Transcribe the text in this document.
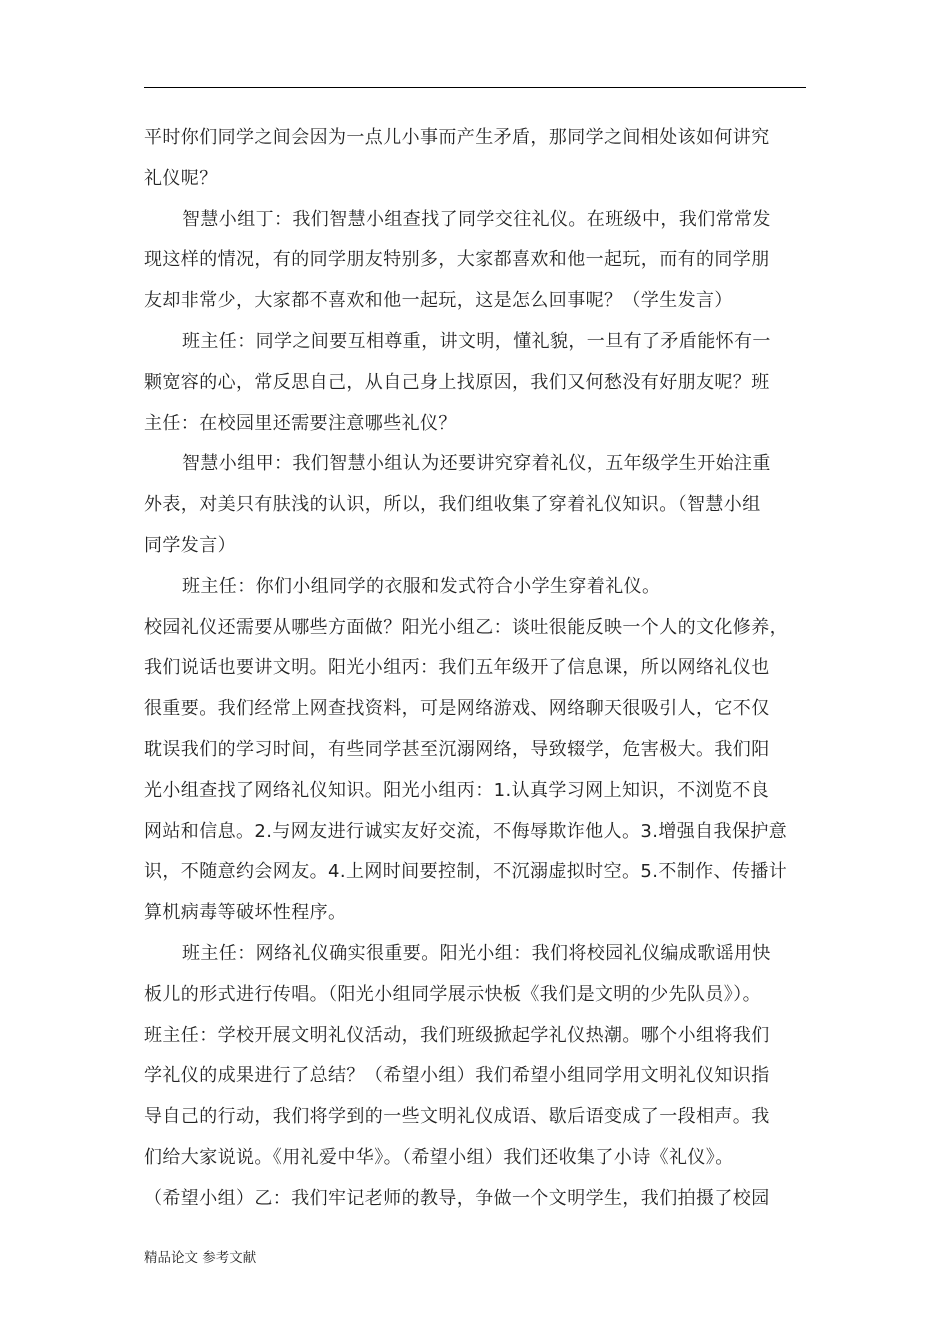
平时你们同学之间会因为一点儿小事而产生矛盾，那同学之间相处该如何讲究
礼仪呢？
智慧小组丁：我们智慧小组查找了同学交往礼仪。在班级中，我们常常发
现这样的情况，有的同学朋友特别多，大家都喜欢和他一起玩，而有的同学朋
友却非常少，大家都不喜欢和他一起玩，这是怎么回事呢？（学生发言）
班主任：同学之间要互相尊重，讲文明，懂礼貌，一旦有了矛盾能怀有一
颗宽容的心，常反思自己，从自己身上找原因，我们又何愁没有好朋友呢？班
主任：在校园里还需要注意哪些礼仪？
智慧小组甲：我们智慧小组认为还要讲究穿着礼仪，五年级学生开始注重
外表，对美只有肤浅的认识，所以，我们组收集了穿着礼仪知识。（智慧小组
同学发言）
班主任：你们小组同学的衣服和发式符合小学生穿着礼仪。
校园礼仪还需要从哪些方面做？阳光小组乙：谈吐很能反映一个人的文化修养，
我们说话也要讲文明。阳光小组丙：我们五年级开了信息课，所以网络礼仪也
很重要。我们经常上网查找资料，可是网络游戏、网络聊天很吸引人，它不仅
耽误我们的学习时间，有些同学甚至沉溺网络，导致辍学，危害极大。我们阳
光小组查找了网络礼仪知识。阳光小组丙：1.认真学习网上知识，不浏览不良
网站和信息。2.与网友进行诚实友好交流，不侮辱欺诈他人。3.增强自我保护意
识，不随意约会网友。4.上网时间要控制，不沉溺虚拟时空。5.不制作、传播计
算机病毒等破坏性程序。
班主任：网络礼仪确实很重要。阳光小组：我们将校园礼仪编成歌谣用快
板儿的形式进行传唱。（阳光小组同学展示快板《我们是文明的少先队员》）。
班主任：学校开展文明礼仪活动，我们班级掀起学礼仪热潮。哪个小组将我们
学礼仪的成果进行了总结？（希望小组）我们希望小组同学用文明礼仪知识指
导自己的行动，我们将学到的一些文明礼仪成语、歇后语变成了一段相声。我
们给大家说说。《用礼爱中华》。（希望小组）我们还收集了小诗《礼仪》。
（希望小组）乙：我们牢记老师的教导，争做一个文明学生，我们拍摄了校园
精品论文 参考文献
